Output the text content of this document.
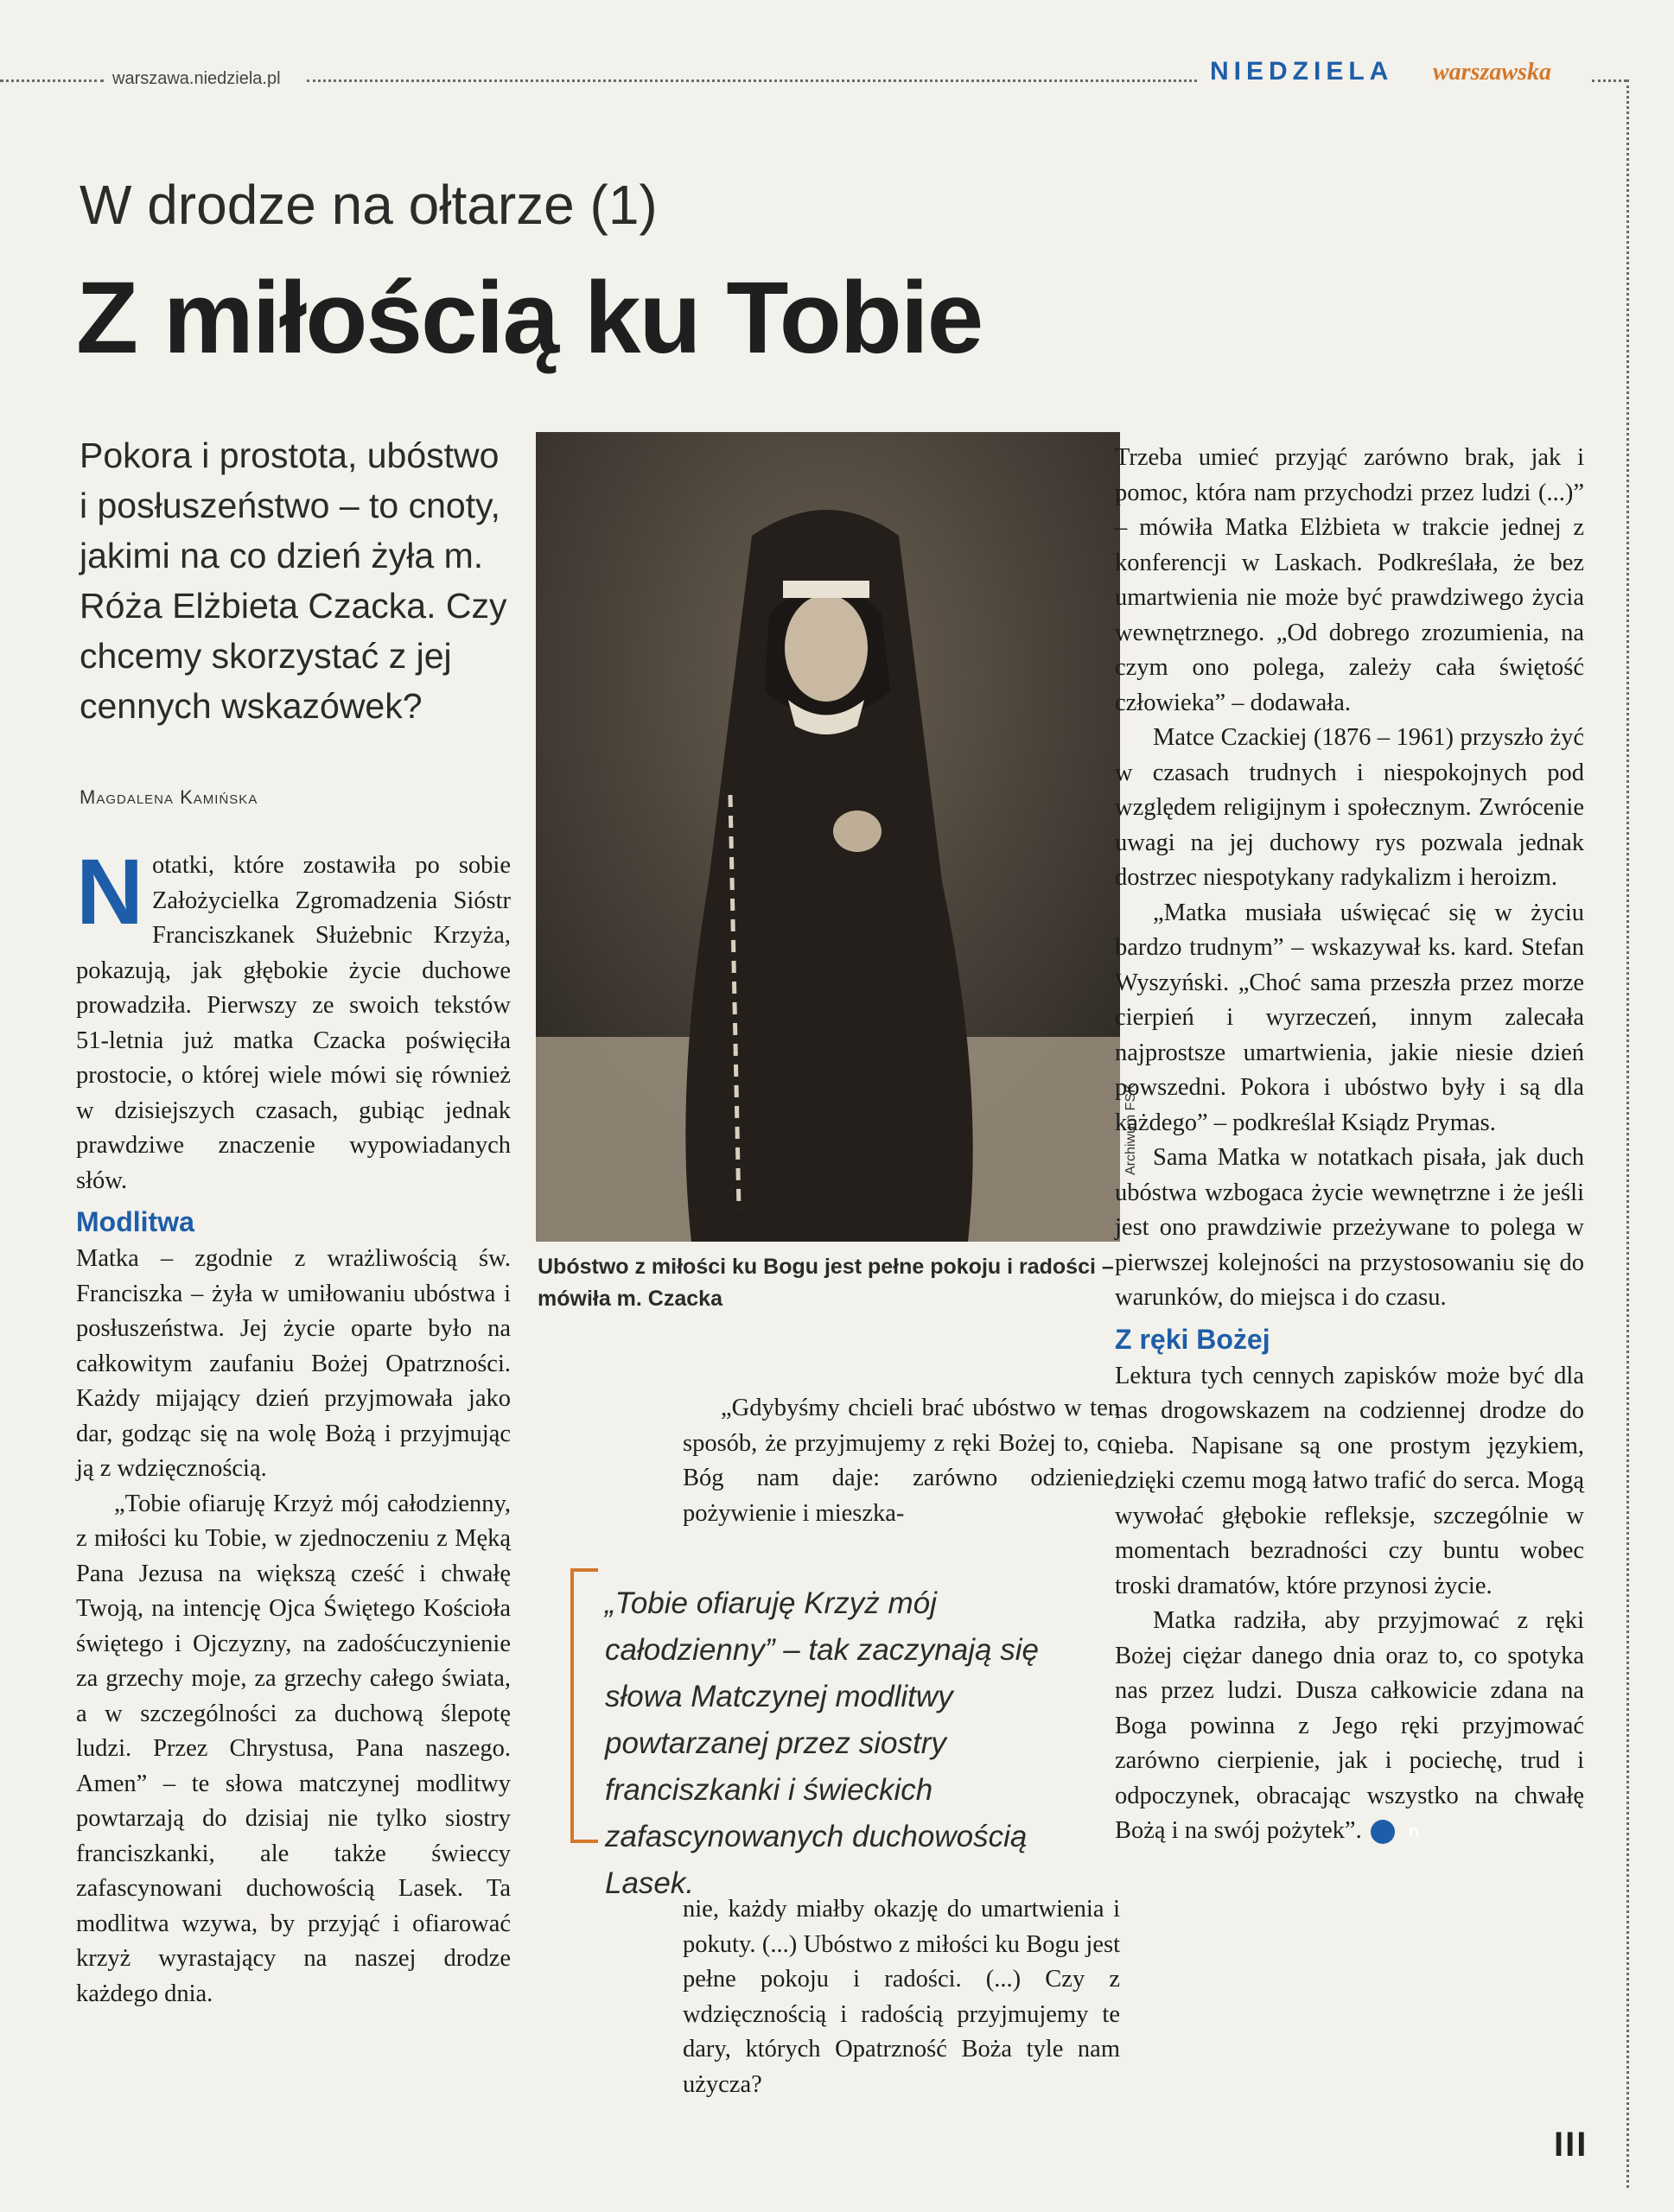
warszawa.niedziela.pl	NIEDZIELA warszawska
W drodze na ołtarze (1)
Z miłością ku Tobie
Pokora i prostota, ubóstwo i posłuszeństwo – to cnoty, jakimi na co dzień żyła m. Róża Elżbieta Czacka. Czy chcemy skorzystać z jej cennych wskazówek?
Magdalena Kamińska

Notatki, które zostawiła po sobie Założycielka Zgromadzenia Sióstr Franciszkanek Służebnic Krzyża, pokazują, jak głębokie życie duchowe prowadziła. Pierwszy ze swoich tekstów 51-letnia już matka Czacka poświęciła prostocie, o której wiele mówi się również w dzisiejszych czasach, gubiąc jednak prawdziwe znaczenie wypowiadanych słów.

Modlitwa

Matka – zgodnie z wrażliwością św. Franciszka – żyła w umiłowaniu ubóstwa i posłuszeństwa. Jej życie oparte było na całkowitym zaufaniu Bożej Opatrzności. Każdy mijający dzień przyjmowała jako dar, godząc się na wolę Bożą i przyjmując ją z wdzięcznością.

„Tobie ofiaruję Krzyż mój całodzienny, z miłości ku Tobie, w zjednoczeniu z Męką Pana Jezusa na większą cześć i chwałę Twoją, na intencję Ojca Świętego Kościoła świętego i Ojczyzny, na zadośćuczynienie za grzechy moje, za grzechy całego świata, a w szczególności za duchową ślepotę ludzi. Przez Chrystusa, Pana naszego. Amen” – te słowa matczynej modlitwy powtarzają do dzisiaj nie tylko siostry franciszkanki, ale także świeccy zafascynowani duchowością Lasek. Ta modlitwa wzywa, by przyjąć i ofiarować krzyż wyrastający na naszej drodze każdego dnia.

Archiwum FSK
Ubóstwo z miłości ku Bogu jest pełne pokoju i radości – mówiła m. Czacka

„Gdybyśmy chcieli brać ubóstwo w ten sposób, że przyjmujemy z ręki Bożej to, co Bóg nam daje: zarówno odzienie, pożywienie i mieszka-

„Tobie ofiaruję Krzyż mój całodzienny” – tak zaczynają się słowa Matczynej modlitwy powtarzanej przez siostry franciszkanki i świeckich zafascynowanych duchowością Lasek.

nie, każdy miałby okazję do umartwienia i pokuty. (...) Ubóstwo z miłości ku Bogu jest pełne pokoju i radości. (...) Czy z wdzięcznością i radością przyjmujemy te dary, których Opatrzność Boża tyle nam użycza?

Trzeba umieć przyjąć zarówno brak, jak i pomoc, która nam przychodzi przez ludzi (...)” – mówiła Matka Elżbieta w trakcie jednej z konferencji w Laskach. Podkreślała, że bez umartwienia nie może być prawdziwego życia wewnętrznego. „Od dobrego zrozumienia, na czym ono polega, zależy cała świętość człowieka” – dodawała.

Matce Czackiej (1876 – 1961) przyszło żyć w czasach trudnych i niespokojnych pod względem religijnym i społecznym. Zwrócenie uwagi na jej duchowy rys pozwala jednak dostrzec niespotykany radykalizm i heroizm.

„Matka musiała uświęcać się w życiu bardzo trudnym” – wskazywał ks. kard. Stefan Wyszyński. „Choć sama przeszła przez morze cierpień i wyrzeczeń, innym zalecała najprostsze umartwienia, jakie niesie dzień powszedni. Pokora i ubóstwo były i są dla każdego” – podkreślał Ksiądz Prymas.

Sama Matka w notatkach pisała, jak duch ubóstwa wzbogaca życie wewnętrzne i że jeśli jest ono prawdziwie przeżywane to polega w pierwszej kolejności na przystosowaniu się do warunków, do miejsca i do czasu.

Z ręki Bożej

Lektura tych cennych zapisków może być dla nas drogowskazem na codziennej drodze do nieba. Napisane są one prostym językiem, dzięki czemu mogą łatwo trafić do serca. Mogą wywołać głębokie refleksje, szczególnie w momentach bezradności czy buntu wobec troski dramatów, które przynosi życie.

Matka radziła, aby przyjmować z ręki Bożej ciężar danego dnia oraz to, co spotyka nas przez ludzi. Dusza całkowicie zdana na Boga powinna z Jego ręki przyjmować zarówno cierpienie, jak i pociechę, trud i odpoczynek, obracając wszystko na chwałę Bożą i na swój pożytek”.	n

III
